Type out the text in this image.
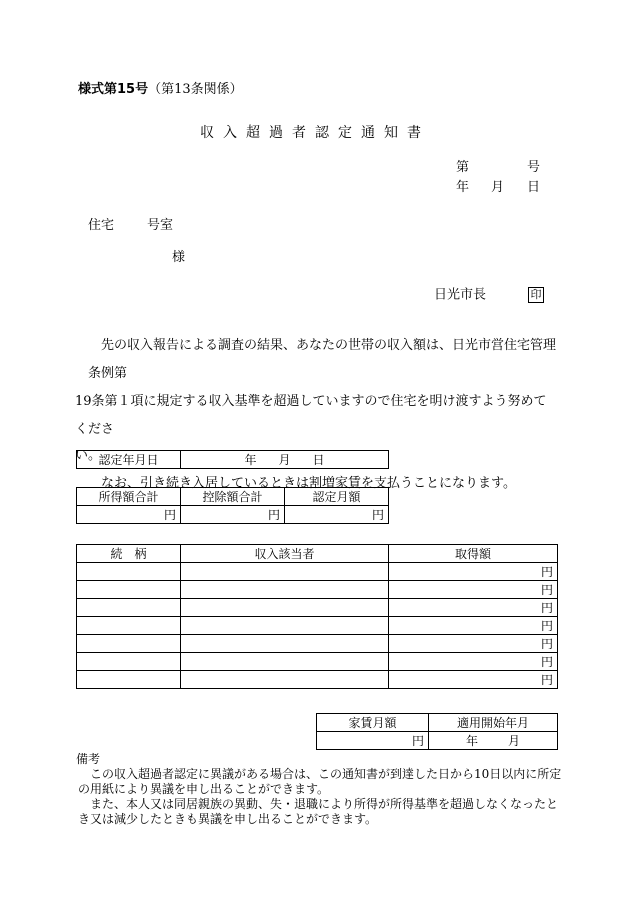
様式第15号（第13条関係）
収入超過者認定通知書
第	号
年 月 日
住宅	号室
様
日光市長	印

先の収入報告による調査の結果、あなたの世帯の収入額は、日光市営住宅管理条例第

19条第１項に規定する収入基準を超過していますので住宅を明け渡すよう努めてくださ

い。

なお、引き続き入居しているときは割増家賃を支払うことになります。

認定年月日	年 月 日
所得額合計	控除額合計	認定月額
円	円	円
続　柄	収入該当者	取得額
		円
		円
		円
		円
		円
		円
		円
家賃月額	適用開始年月
円	年 月
備考

この収入超過者認定に異議がある場合は、この通知書が到達した日から10日以内に所定の用紙により異議を申し出ることができます。

また、本人又は同居親族の異動、失・退職により所得が所得基準を超過しなくなったとき又は減少したときも異議を申し出ることができます。
